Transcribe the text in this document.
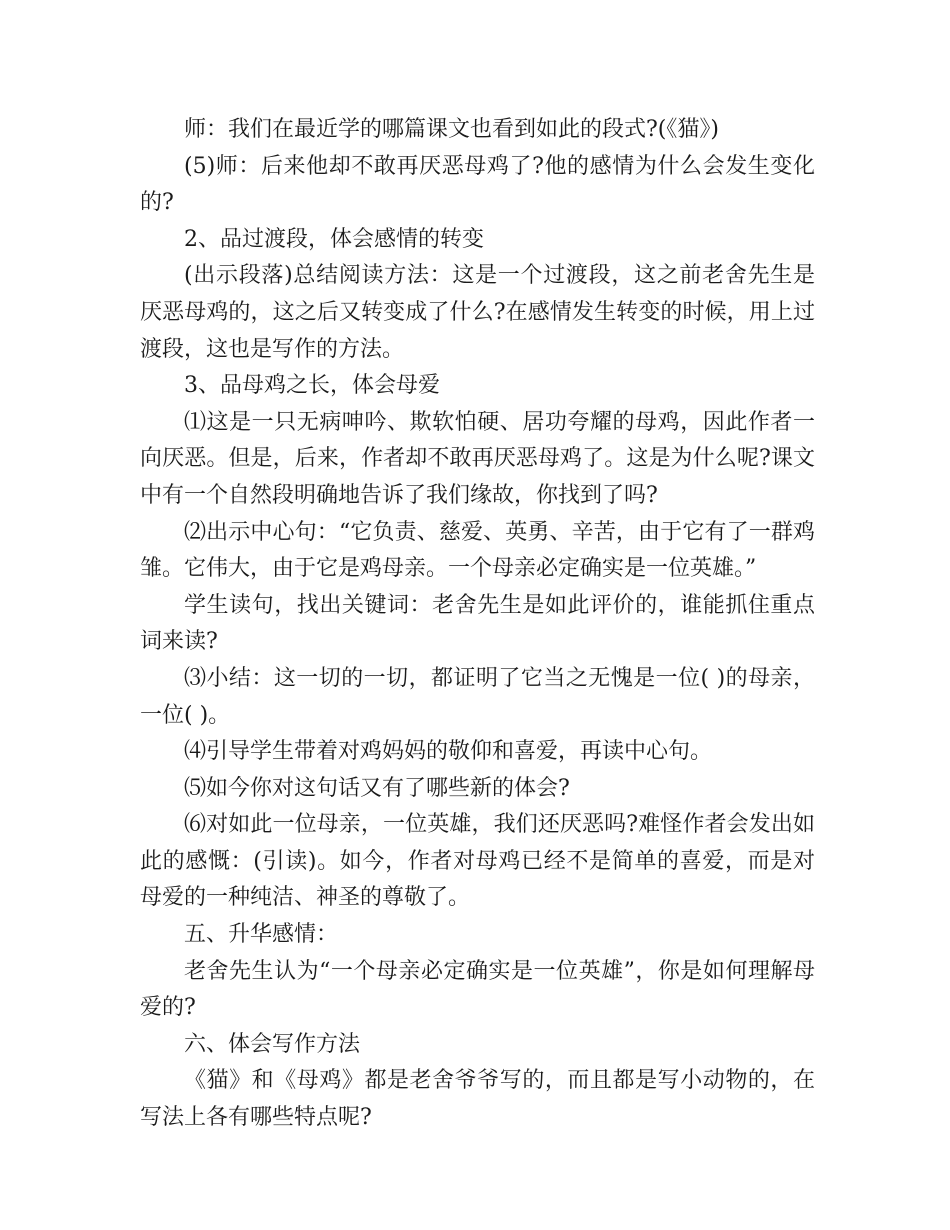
师：我们在最近学的哪篇课文也看到如此的段式?(《猫》)

(5)师：后来他却不敢再厌恶母鸡了?他的感情为什么会发生变化的?

2、品过渡段，体会感情的转变

(出示段落)总结阅读方法：这是一个过渡段，这之前老舍先生是厌恶母鸡的，这之后又转变成了什么?在感情发生转变的时候，用上过渡段，这也是写作的方法。

3、品母鸡之长，体会母爱

⑴这是一只无病呻吟、欺软怕硬、居功夸耀的母鸡，因此作者一向厌恶。但是，后来，作者却不敢再厌恶母鸡了。这是为什么呢?课文中有一个自然段明确地告诉了我们缘故，你找到了吗?

⑵出示中心句：“它负责、慈爱、英勇、辛苦，由于它有了一群鸡雏。它伟大，由于它是鸡母亲。一个母亲必定确实是一位英雄。”

学生读句，找出关键词：老舍先生是如此评价的，谁能抓住重点词来读?

⑶小结：这一切的一切，都证明了它当之无愧是一位( )的母亲，一位( )。

⑷引导学生带着对鸡妈妈的敬仰和喜爱，再读中心句。

⑸如今你对这句话又有了哪些新的体会?

⑹对如此一位母亲，一位英雄，我们还厌恶吗?难怪作者会发出如此的感慨：(引读)。如今，作者对母鸡已经不是简单的喜爱，而是对母爱的一种纯洁、神圣的尊敬了。

五、升华感情：

老舍先生认为“一个母亲必定确实是一位英雄”，你是如何理解母爱的?

六、体会写作方法

《猫》和《母鸡》都是老舍爷爷写的，而且都是写小动物的，在写法上各有哪些特点呢?
